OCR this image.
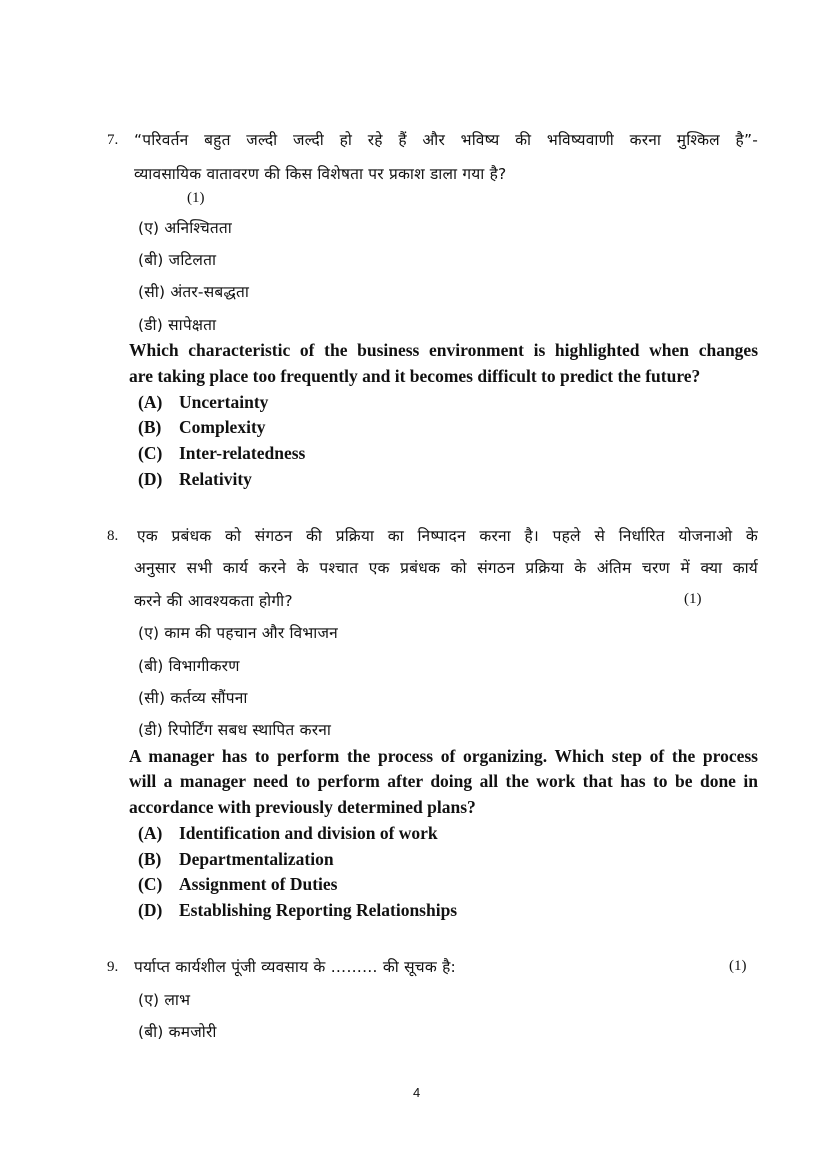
7. “परिवर्तन बहुत जल्दी जल्दी हो रहे हैं और भविष्य की भविष्यवाणी करना मुश्किल है”-
व्यावसायिक वातावरण की किस विशेषता पर प्रकाश डाला गया है?
(1)
(ए) अनिश्चितता
(बी) जटिलता
(सी) अंतर-सबद्धता
(डी) सापेक्षता
Which characteristic of the business environment is highlighted when changes
are taking place too frequently and it becomes difficult to predict the future?
(A) Uncertainty
(B) Complexity
(C) Inter-relatedness
(D) Relativity
8. एक प्रबंधक को संगठन की प्रक्रिया का निष्पादन करना है। पहले से निर्धारित योजनाओ के
अनुसार सभी कार्य करने के पश्चात एक प्रबंधक को संगठन प्रक्रिया के अंतिम चरण में क्या कार्य
करने की आवश्यकता होगी?	(1)
(ए) काम की पहचान और विभाजन
(बी) विभागीकरण
(सी) कर्तव्य सौंपना
(डी) रिपोर्टिंग सबध स्थापित करना
A manager has to perform the process of organizing. Which step of the process
will a manager need to perform after doing all the work that has to be done in
accordance with previously determined plans?
(A) Identification and division of work
(B) Departmentalization
(C) Assignment of Duties
(D) Establishing Reporting Relationships
9. पर्याप्त कार्यशील पूंजी व्यवसाय के ……… की सूचक है:	(1)
(ए) लाभ
(बी) कमजोरी
4
